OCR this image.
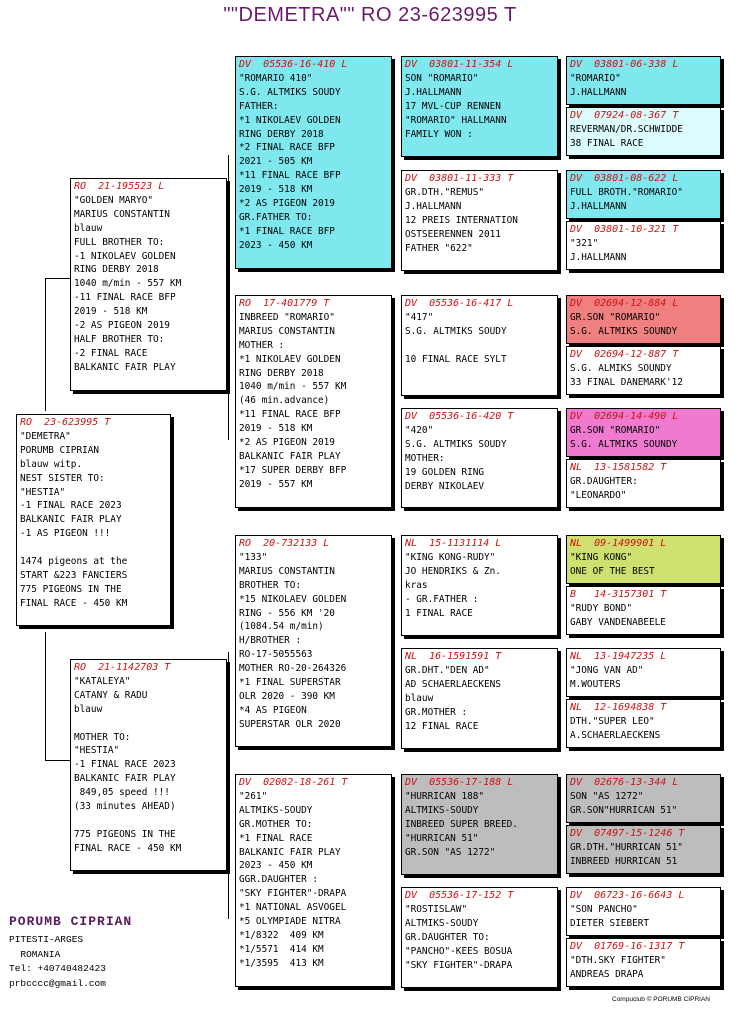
""DEMETRA"" RO 23-623995 T
RO  23-623995 T
"DEMETRA"
PORUMB CIPRIAN
blauw witp.
NEST SISTER TO:
"HESTIA"
-1 FINAL RACE 2023
BALKANIC FAIR PLAY
-1 AS PIGEON !!!

1474 pigeons at the
START &223 FANCIERS
775 PIGEONS IN THE
FINAL RACE - 450 KM
RO  21-195523 L
"GOLDEN MARYO"
MARIUS CONSTANTIN
blauw
FULL BROTHER TO:
-1 NIKOLAEV GOLDEN
RING DERBY 2018
1040 m/min - 557 KM
-11 FINAL RACE BFP
2019 - 518 KM
-2 AS PIGEON 2019
HALF BROTHER TO:
-2 FINAL RACE
BALKANIC FAIR PLAY
RO  21-1142703 T
"KATALEYA"
CATANY & RADU
blauw

MOTHER TO:
"HESTIA"
-1 FINAL RACE 2023
BALKANIC FAIR PLAY
849,05 speed !!!
(33 minutes AHEAD)

775 PIGEONS IN THE
FINAL RACE - 450 KM
DV  05536-16-410 L
"ROMARIO 410"
S.G. ALTMIKS SOUDY
FATHER:
*1 NIKOLAEV GOLDEN
RING DERBY 2018
*2 FINAL RACE BFP
2021 - 505 KM
*11 FINAL RACE BFP
2019 - 518 KM
*2 AS PIGEON 2019
GR.FATHER TO:
*1 FINAL RACE BFP
2023 - 450 KM
RO  17-401779 T
INBREED "ROMARIO"
MARIUS CONSTANTIN
MOTHER :
*1 NIKOLAEV GOLDEN
RING DERBY 2018
1040 m/min - 557 KM
(46 min.advance)
*11 FINAL RACE BFP
2019 - 518 KM
*2 AS PIGEON 2019
BALKANIC FAIR PLAY
*17 SUPER DERBY BFP
2019 - 557 KM
RO  20-732133 L
"133"
MARIUS CONSTANTIN
BROTHER TO:
*15 NIKOLAEV GOLDEN
RING - 556 KM '20
(1084.54 m/min)
H/BROTHER :
RO-17-5055563
MOTHER RO-20-264326
*1 FINAL SUPERSTAR
OLR 2020 - 390 KM
*4 AS PIGEON
SUPERSTAR OLR 2020
DV  02082-18-261 T
"261"
ALTMIKS-SOUDY
GR.MOTHER TO:
*1 FINAL RACE
BALKANIC FAIR PLAY
2023 - 450 KM
GGR.DAUGHTER :
"SKY FIGHTER"-DRAPA
*1 NATIONAL ASVOGEL
*5 OLYMPIADE NITRA
*1/8322  409 KM
*1/5571  414 KM
*1/3595  413 KM
DV  03801-11-354 L
SON "ROMARIO"
J.HALLMANN
17 MVL-CUP RENNEN
"ROMARIO" HALLMANN
FAMILY WON :
DV  03801-11-333 T
GR.DTH."REMUS"
J.HALLMANN
12 PREIS INTERNATION
OSTSEERENNEN 2011
FATHER "622"
DV  05536-16-417 L
"417"
S.G. ALTMIKS SOUDY

10 FINAL RACE SYLT
DV  05536-16-420 T
"420"
S.G. ALTMIKS SOUDY
MOTHER:
19 GOLDEN RING
DERBY NIKOLAEV
NL  15-1131114 L
"KING KONG-RUDY"
JO HENDRIKS & Zn.
kras
- GR.FATHER :
1 FINAL RACE
NL  16-1591591 T
GR.DHT."DEN AD"
AD SCHAERLAECKENS
blauw
GR.MOTHER :
12 FINAL RACE
DV  05536-17-188 L
"HURRICAN 188"
ALTMIKS-SOUDY
INBREED SUPER BREED.
"HURRICAN 51"
GR.SON "AS 1272"
DV  05536-17-152 T
"ROSTISLAW"
ALTMIKS-SOUDY
GR.DAUGHTER TO:
"PANCHO"-KEES BOSUA
"SKY FIGHTER"-DRAPA
DV  03801-06-338 L
"ROMARIO"
J.HALLMANN
DV  07924-08-367 T
REVERMAN/DR.SCHWIDDE
38 FINAL RACE
DV  03801-08-622 L
FULL BROTH."ROMARIO"
J.HALLMANN
DV  03801-10-321 T
"321"
J.HALLMANN
DV  02694-12-884 L
GR.SON "ROMARIO"
S.G. ALTMIKS SOUNDY
DV  02694-12-887 T
S.G. ALMIKS SOUNDY
33 FINAL DANEMARK'12
DV  02694-14-490 L
GR.SON "ROMARIO"
S.G. ALTMIKS SOUNDY
NL  13-1581582 T
GR.DAUGHTER:
"LEONARDO"
NL  09-1499901 L
"KING KONG"
ONE OF THE BEST
B   14-3157301 T
"RUDY BOND"
GABY VANDENABEELE
NL  13-1947235 L
"JONG VAN AD"
M.WOUTERS
NL  12-1694838 T
DTH."SUPER LEO"
A.SCHAERLAECKENS
DV  02676-13-344 L
SON "AS 1272"
GR.SON"HURRICAN 51"
DV  07497-15-1246 T
GR.DTH."HURRICAN 51"
INBREED HURRICAN 51
DV  06723-16-6643 L
"SON PANCHO"
DIETER SIEBERT
DV  01769-16-1317 T
"DTH.SKY FIGHTER"
ANDREAS DRAPA
PORUMB CIPRIAN
PITESTI-ARGES
ROMANIA
Tel: +40740482423
prbcccc@gmail.com
Compuclub © PORUMB CIPRIAN
